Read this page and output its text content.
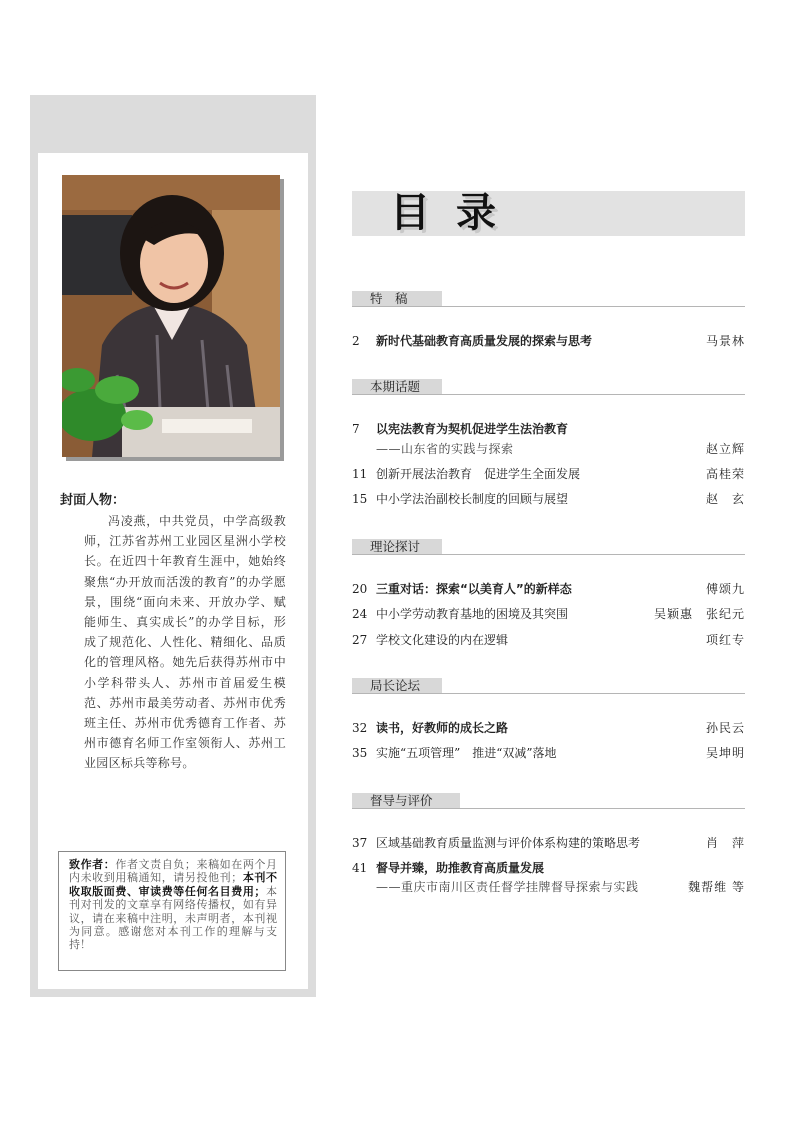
封面人物：

冯凌燕，中共党员，中学高级教师，江苏省苏州工业园区星洲小学校长。在近四十年教育生涯中，她始终聚焦“办开放而活泼的教育”的办学愿景，围绕“面向未来、开放办学、赋能师生、真实成长”的办学目标，形成了规范化、人性化、精细化、品质化的管理风格。她先后获得苏州市中小学科带头人、苏州市首届爱生模范、苏州市最美劳动者、苏州市优秀班主任、苏州市优秀德育工作者、苏州市德育名师工作室领衔人、苏州工业园区标兵等称号。

致作者：作者文责自负；来稿如在两个月内未收到用稿通知，请另投他刊；本刊不收取版面费、审读费等任何名目费用；本刊对刊发的文章享有网络传播权，如有异议，请在来稿中注明，未声明者，本刊视为同意。感谢您对本刊工作的理解与支持！
目录
特　稿
2 新时代基础教育高质量发展的探索与思考	马景林
本期话题
7 以宪法教育为契机促进学生法治教育
——山东省的实践与探索	赵立辉
11 创新开展法治教育　促进学生全面发展	高桂荣
15 中小学法治副校长制度的回顾与展望	赵　玄
理论探讨
20 三重对话：探索“以美育人”的新样态	傅颂九
24 中小学劳动教育基地的困境及其突围	吴颖惠　张纪元
27 学校文化建设的内在逻辑	项红专
局长论坛
32 读书，好教师的成长之路	孙民云
35 实施“五项管理”　推进“双减”落地	吴坤明
督导与评价
37 区域基础教育质量监测与评价体系构建的策略思考	肖　萍
41 督导并臻，助推教育高质量发展
——重庆市南川区责任督学挂牌督导探索与实践	魏帮维 等
